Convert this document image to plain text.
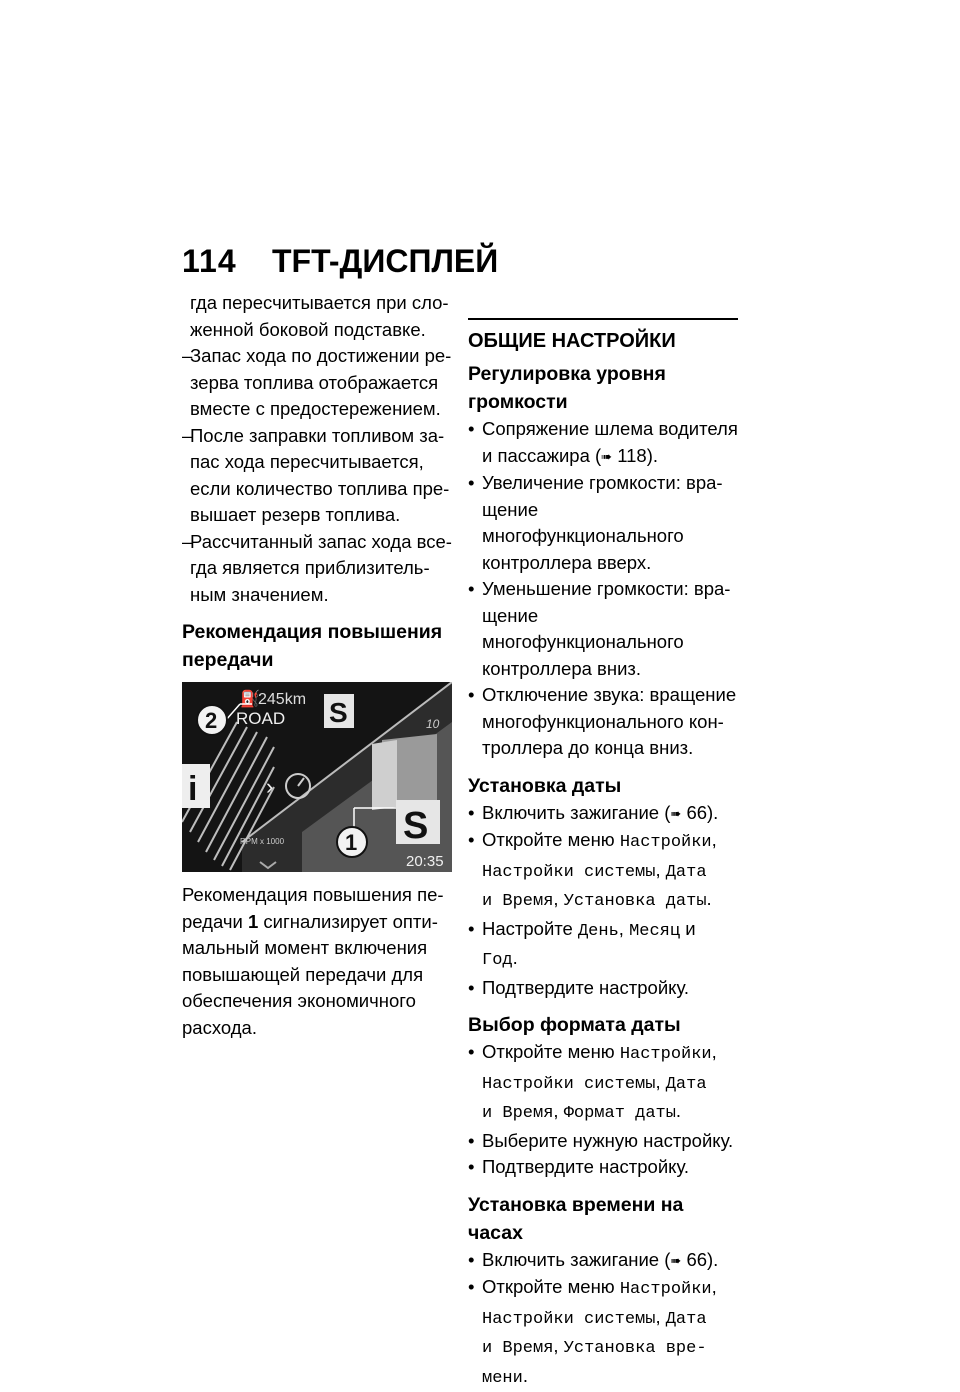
114 TFT-ДИСПЛЕЙ

гда пересчитывается при сло-

женной боковой подставке.

–
Запас хода по достижении ре-
зерва топлива отображается
вместе с предостережением.
–
После заправки топливом за-
пас хода пересчитывается,
если количество топлива пре-
вышает резерв топлива.
–
Рассчитанный запас хода все-
гда является приблизитель-
ным значением.
Рекомендация повышения
передачи
i
⛽
245km
ROAD S	10
›
S
RPM x 1000
20:35
2
1

Рекомендация повышения пе-

редачи 1 сигнализирует опти-

мальный момент включения

повышающей передачи для

обеспечения экономичного

расхода.

ОБЩИЕ НАСТРОЙКИ
Регулировка уровня
громкости
• Сопряжение шлема водителя
и пассажира (➠ 118).
• Увеличение громкости: вра-
щение многофункционального
контроллера вверх.
• Уменьшение громкости: вра-
щение многофункционального
контроллера вниз.
• Отключение звука: вращение
многофункционального кон-
троллера до конца вниз.
Установка даты
• Включить зажигание (➠ 66).
• Откройте меню Настройки,
Настройки системы, Дата
и Время, Установка даты.
• Настройте День, Месяц и
Год.
• Подтвердите настройку.
Выбор формата даты
• Откройте меню Настройки,
Настройки системы, Дата
и Время, Формат даты.
• Выберите нужную настройку.
• Подтвердите настройку.
Установка времени на часах
• Включить зажигание (➠ 66).
• Откройте меню Настройки,
Настройки системы, Дата
и Время, Установка вре-
мени.
